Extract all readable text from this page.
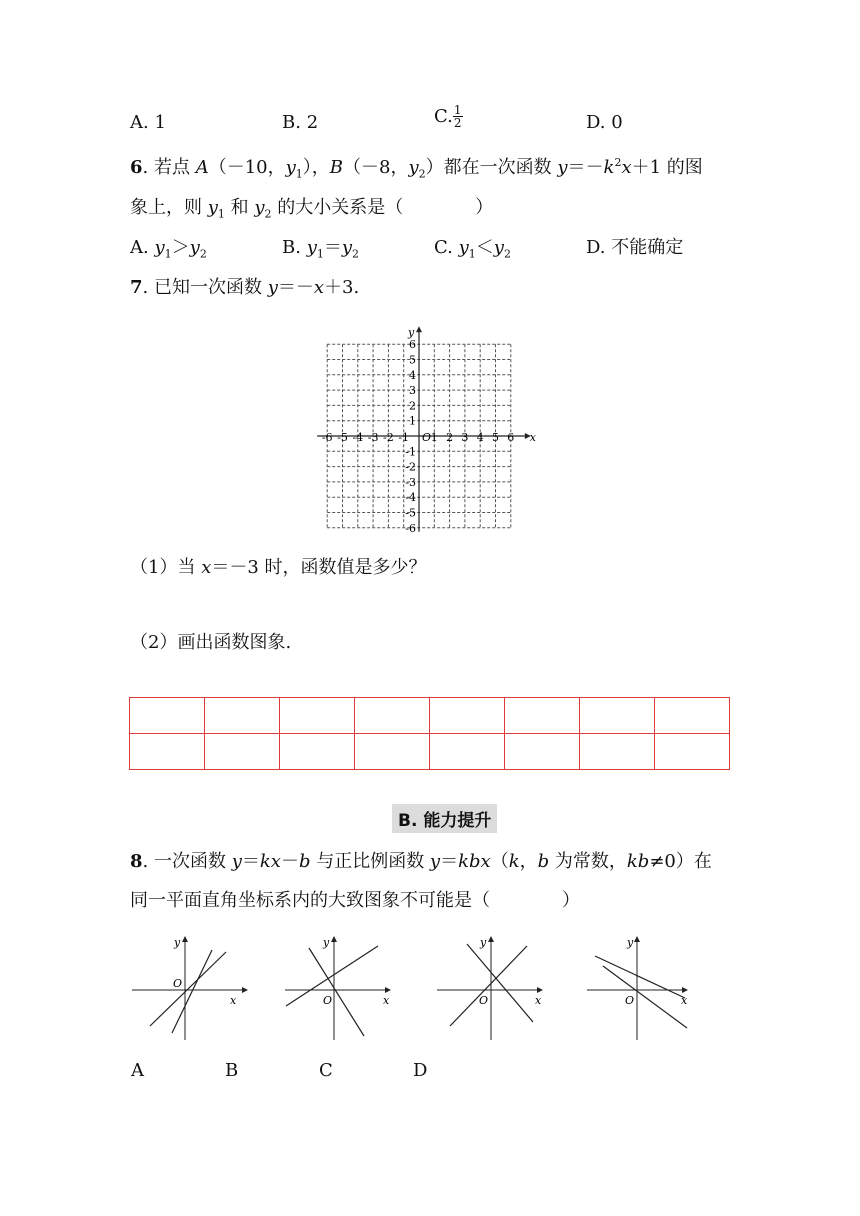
A. 1	B. 2	C. $\frac{1}{2}$	D. 0
6. 若点 A（－10，$y_1$），B（－8，$y_2$）都在一次函数 $y=-k^2x+1$ 的图
象上，则 $y_1$ 和 $y_2$ 的大小关系是（　　　　）
A. $y_1>y_2$	B. $y_1=y_2$	C. $y_1<y_2$	D. 不能确定
7. 已知一次函数 y＝－x＋3.
-6 -5 -4 -3 -2 -1 1 2 3 4 5 6
6
5
4
3
2
1
-1
-2
-3
-4
-5
-6
O	x
y
（1）当 x＝－3 时，函数值是多少？
（2）画出函数图象.

B. 能力提升
8. 一次函数 y＝kx－b 与正比例函数 y＝kbx（k，b 为常数，kb≠0）在
同一平面直角坐标系内的大致图象不可能是（　　　　）
x
y
O
x
y
O	x
y
O	x
y
O
A	B	C	D
